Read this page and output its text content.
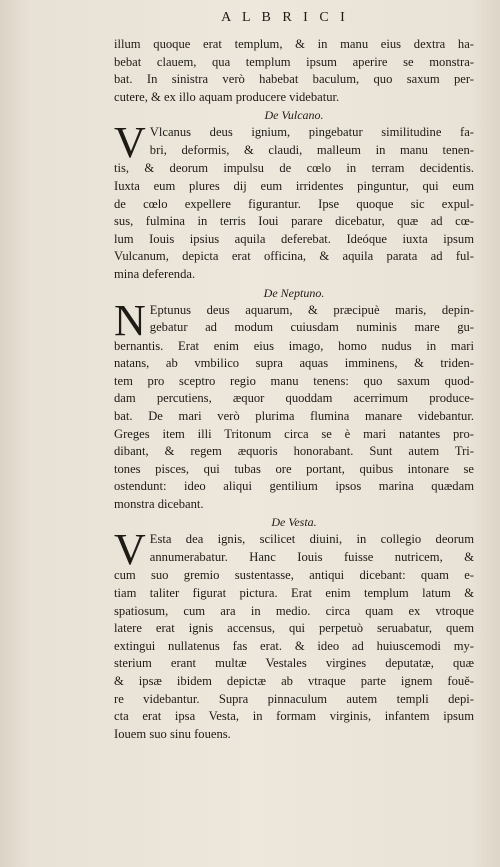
A L B R I C I
illum quoque erat templum, & in manu eius dextra ha-
bebat clauem, qua templum ipsum aperire se monstra-
bat. In sinistra verò habebat baculum, quo saxum per-
cutere, & ex illo aquam producere videbatur.
De Vulcano.
V Vlcanus deus ignium, pingebatur similitudine fa-
bri, deformis, & claudi, malleum in manu tenen-
tis, & deorum impulsu de cœlo in terram decidentis.
Iuxta eum plures dij eum irridentes pinguntur, qui eum
de cœlo expellere figurantur. Ipse quoque sic expul-
sus, fulmina in terris Ioui parare dicebatur, quæ ad cœ-
lum Iouis ipsius aquila deferebat. Ideóque iuxta ipsum
Vulcanum, depicta erat officina, & aquila parata ad ful-
mina deferenda.
De Neptuno.
N Eptunus deus aquarum, & præcipuè maris, depin-
gebatur ad modum cuiusdam numinis mare gu-
bernantis. Erat enim eius imago, homo nudus in mari
natans, ab vmbilico supra aquas imminens, & triden-
tem pro sceptro regio manu tenens: quo saxum quod-
dam percutiens, æquor quoddam acerrimum produce-
bat. De mari verò plurima flumina manare videbantur.
Greges item illi Tritonum circa se è mari natantes pro-
dibant, & regem æquoris honorabant. Sunt autem Tri-
tones pisces, qui tubas ore portant, quibus intonare se
ostendunt: ideo aliqui gentilium ipsos marina quædam
monstra dicebant.
De Vesta.
V Esta dea ignis, scilicet diuini, in collegio deorum
annumerabatur. Hanc Iouis fuisse nutricem, &
cum suo gremio sustentasse, antiqui dicebant: quam e-
tiam taliter figurat pictura. Erat enim templum latum &
spatiosum, cum ara in medio. circa quam ex vtroque
latere erat ignis accensus, qui perpetuò seruabatur, quem
extingui nullatenus fas erat. & ideo ad huiuscemodi my-
sterium erant multæ Vestales virgines deputatæ, quæ
& ipsæ ibidem depictæ ab vtraque parte ignem fouě-
re videbantur. Supra pinnaculum autem templi depi-
cta erat ipsa Vesta, in formam virginis, infantem ipsum
Iouem suo sinu fouens.
